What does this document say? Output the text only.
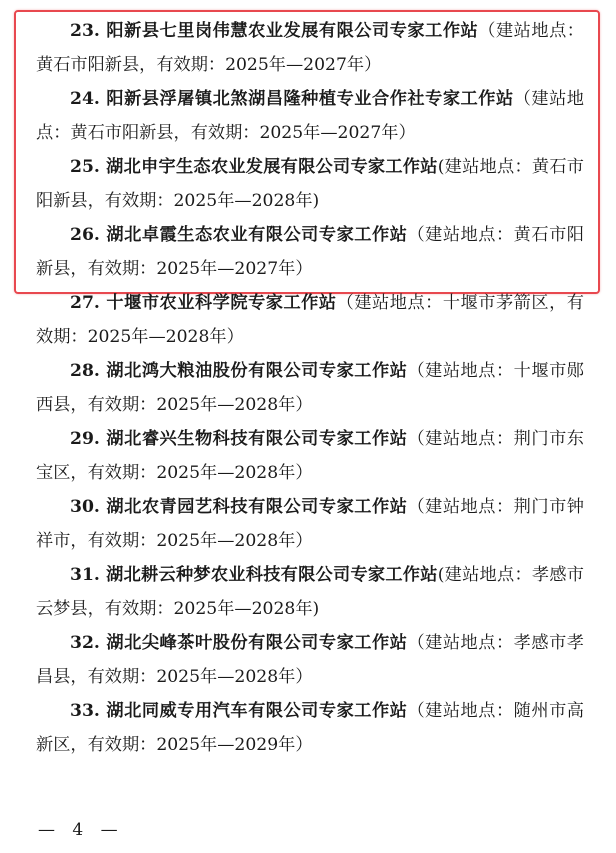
23. 阳新县七里岗伟慧农业发展有限公司专家工作站（建站地点：黄石市阳新县，有效期：2025年—2027年）

24. 阳新县浮屠镇北煞湖昌隆种植专业合作社专家工作站（建站地点：黄石市阳新县，有效期：2025年—2027年）

25. 湖北申宇生态农业发展有限公司专家工作站(建站地点：黄石市阳新县，有效期：2025年—2028年)

26. 湖北卓霞生态农业有限公司专家工作站（建站地点：黄石市阳新县，有效期：2025年—2027年）

27. 十堰市农业科学院专家工作站（建站地点：十堰市茅箭区，有效期：2025年—2028年）

28. 湖北鸿大粮油股份有限公司专家工作站（建站地点：十堰市郧西县，有效期：2025年—2028年）

29. 湖北睿兴生物科技有限公司专家工作站（建站地点：荆门市东宝区，有效期：2025年—2028年）

30. 湖北农青园艺科技有限公司专家工作站（建站地点：荆门市钟祥市，有效期：2025年—2028年）

31. 湖北耕云种梦农业科技有限公司专家工作站(建站地点：孝感市云梦县，有效期：2025年—2028年)

32. 湖北尖峰茶叶股份有限公司专家工作站（建站地点：孝感市孝昌县，有效期：2025年—2028年）

33. 湖北同威专用汽车有限公司专家工作站（建站地点：随州市高新区，有效期：2025年—2029年）

— 4 —
